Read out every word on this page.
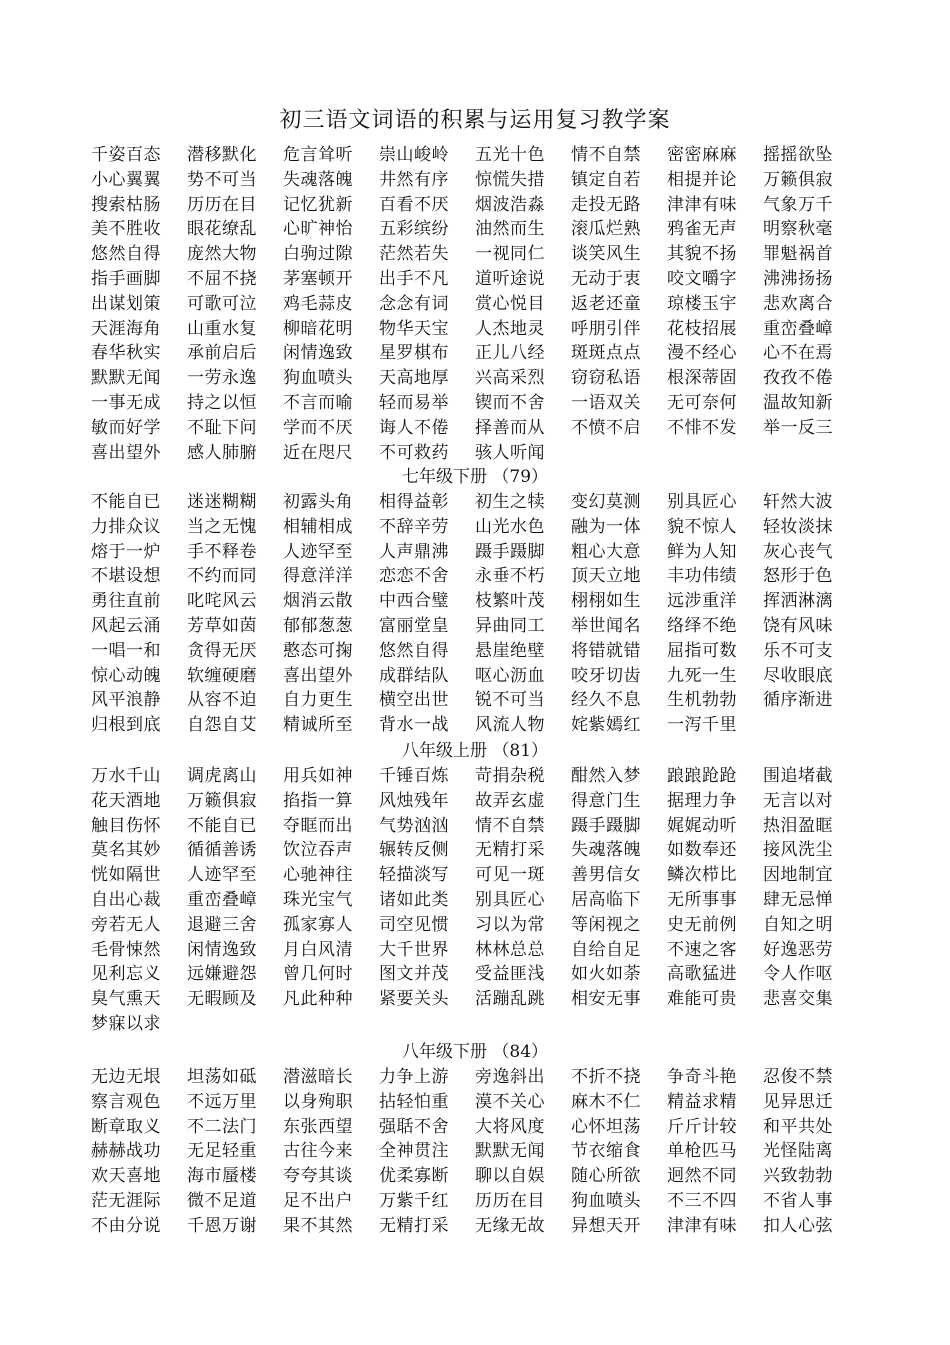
初三语文词语的积累与运用复习教学案
千姿百态 潜移默化 危言耸听 崇山峻岭 五光十色 情不自禁 密密麻麻 摇摇欲坠
小心翼翼 势不可当 失魂落魄 井然有序 惊慌失措 镇定自若 相提并论 万籁俱寂
搜索枯肠 历历在目 记忆犹新 百看不厌 烟波浩淼 走投无路 津津有味 气象万千
美不胜收 眼花缭乱 心旷神怡 五彩缤纷 油然而生 滚瓜烂熟 鸦雀无声 明察秋毫
悠然自得 庞然大物 白驹过隙 茫然若失 一视同仁 谈笑风生 其貌不扬 罪魁祸首
指手画脚 不屈不挠 茅塞顿开 出手不凡 道听途说 无动于衷 咬文嚼字 沸沸扬扬
出谋划策 可歌可泣 鸡毛蒜皮 念念有词 赏心悦目 返老还童 琼楼玉宇 悲欢离合
天涯海角 山重水复 柳暗花明 物华天宝 人杰地灵 呼朋引伴 花枝招展 重峦叠嶂
春华秋实 承前启后 闲情逸致 星罗棋布 正儿八经 斑斑点点 漫不经心 心不在焉
默默无闻 一劳永逸 狗血喷头 天高地厚 兴高采烈 窃窃私语 根深蒂固 孜孜不倦
一事无成 持之以恒 不言而喻 轻而易举 锲而不舍 一语双关 无可奈何 温故知新
敏而好学 不耻下问 学而不厌 诲人不倦 择善而从 不愤不启 不悱不发 举一反三
喜出望外 感人肺腑 近在咫尺 不可救药 骇人听闻
七年级下册 （79）
不能自已 迷迷糊糊 初露头角 相得益彰 初生之犊 变幻莫测 别具匠心 轩然大波
力排众议 当之无愧 相辅相成 不辞辛劳 山光水色 融为一体 貌不惊人 轻妆淡抹
熔于一炉 手不释卷 人迹罕至 人声鼎沸 蹑手蹑脚 粗心大意 鲜为人知 灰心丧气
不堪设想 不约而同 得意洋洋 恋恋不舍 永垂不朽 顶天立地 丰功伟绩 怒形于色
勇往直前 叱咤风云 烟消云散 中西合璧 枝繁叶茂 栩栩如生 远涉重洋 挥洒淋漓
风起云涌 芳草如茵 郁郁葱葱 富丽堂皇 异曲同工 举世闻名 络绎不绝 饶有风味
一唱一和 贪得无厌 憨态可掬 悠然自得 悬崖绝壁 将错就错 屈指可数 乐不可支
惊心动魄 软缠硬磨 喜出望外 成群结队 呕心沥血 咬牙切齿 九死一生 尽收眼底
风平浪静 从容不迫 自力更生 横空出世 锐不可当 经久不息 生机勃勃 循序渐进
归根到底 自怨自艾 精诚所至 背水一战 风流人物 姹紫嫣红 一泻千里
八年级上册 （81）
万水千山 调虎离山 用兵如神 千锤百炼 苛捐杂税 酣然入梦 踉踉跄跄 围追堵截
花天酒地 万籁俱寂 掐指一算 风烛残年 故弄玄虚 得意门生 据理力争 无言以对
触目伤怀 不能自已 夺眶而出 气势汹汹 情不自禁 蹑手蹑脚 娓娓动听 热泪盈眶
莫名其妙 循循善诱 饮泣吞声 辗转反侧 无精打采 失魂落魄 如数奉还 接风洗尘
恍如隔世 人迹罕至 心驰神往 轻描淡写 可见一斑 善男信女 鳞次栉比 因地制宜
自出心裁 重峦叠嶂 珠光宝气 诸如此类 别具匠心 居高临下 无所事事 肆无忌惮
旁若无人 退避三舍 孤家寡人 司空见惯 习以为常 等闲视之 史无前例 自知之明
毛骨悚然 闲情逸致 月白风清 大千世界 林林总总 自给自足 不速之客 好逸恶劳
见利忘义 远嫌避怨 曾几何时 图文并茂 受益匪浅 如火如荼 高歌猛进 令人作呕
臭气熏天 无暇顾及 凡此种种 紧要关头 活蹦乱跳 相安无事 难能可贵 悲喜交集
梦寐以求
八年级下册 （84）
无边无垠 坦荡如砥 潜滋暗长 力争上游 旁逸斜出 不折不挠 争奇斗艳 忍俊不禁
察言观色 不远万里 以身殉职 拈轻怕重 漠不关心 麻木不仁 精益求精 见异思迁
断章取义 不二法门 东张西望 强聒不舍 大将风度 心怀坦荡 斤斤计较 和平共处
赫赫战功 无足轻重 古往今来 全神贯注 默默无闻 节衣缩食 单枪匹马 光怪陆离
欢天喜地 海市蜃楼 夸夸其谈 优柔寡断 聊以自娱 随心所欲 迥然不同 兴致勃勃
茫无涯际 微不足道 足不出户 万紫千红 历历在目 狗血喷头 不三不四 不省人事
不由分说 千恩万谢 果不其然 无精打采 无缘无故 异想天开 津津有味 扣人心弦
